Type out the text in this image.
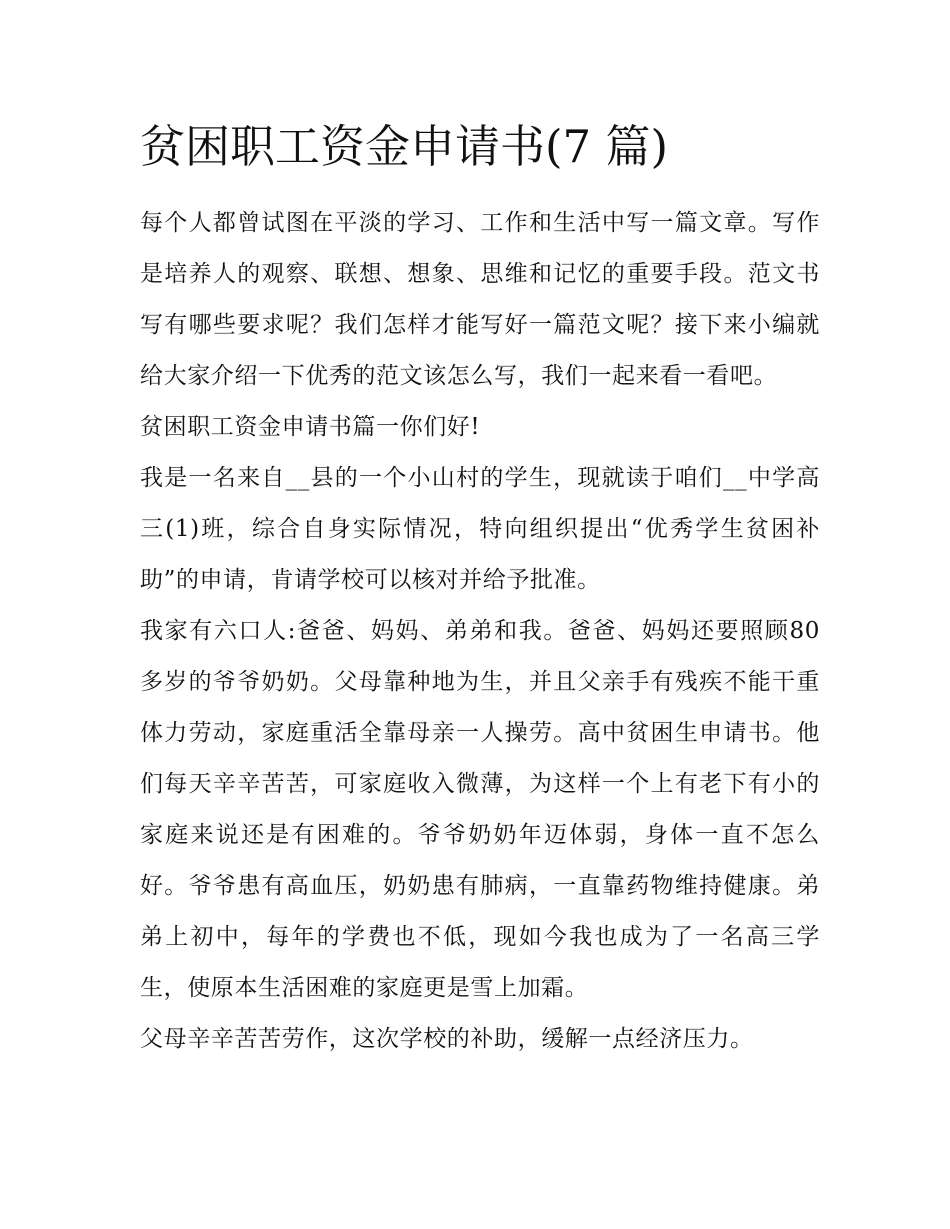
贫困职工资金申请书(7 篇)

每个人都曾试图在平淡的学习、工作和生活中写一篇文章。写作是培养人的观察、联想、想象、思维和记忆的重要手段。范文书写有哪些要求呢？我们怎样才能写好一篇范文呢？接下来小编就给大家介绍一下优秀的范文该怎么写，我们一起来看一看吧。

贫困职工资金申请书篇一你们好!

我是一名来自__县的一个小山村的学生，现就读于咱们__中学高三(1)班，综合自身实际情况，特向组织提出“优秀学生贫困补助”的申请，肯请学校可以核对并给予批准。

我家有六口人:爸爸、妈妈、弟弟和我。爸爸、妈妈还要照顾80 多岁的爷爷奶奶。父母靠种地为生，并且父亲手有残疾不能干重体力劳动，家庭重活全靠母亲一人操劳。高中贫困生申请书。他们每天辛辛苦苦，可家庭收入微薄，为这样一个上有老下有小的家庭来说还是有困难的。爷爷奶奶年迈体弱，身体一直不怎么好。爷爷患有高血压，奶奶患有肺病，一直靠药物维持健康。弟弟上初中，每年的学费也不低，现如今我也成为了一名高三学生，使原本生活困难的家庭更是雪上加霜。

父母辛辛苦苦劳作，这次学校的补助，缓解一点经济压力。
